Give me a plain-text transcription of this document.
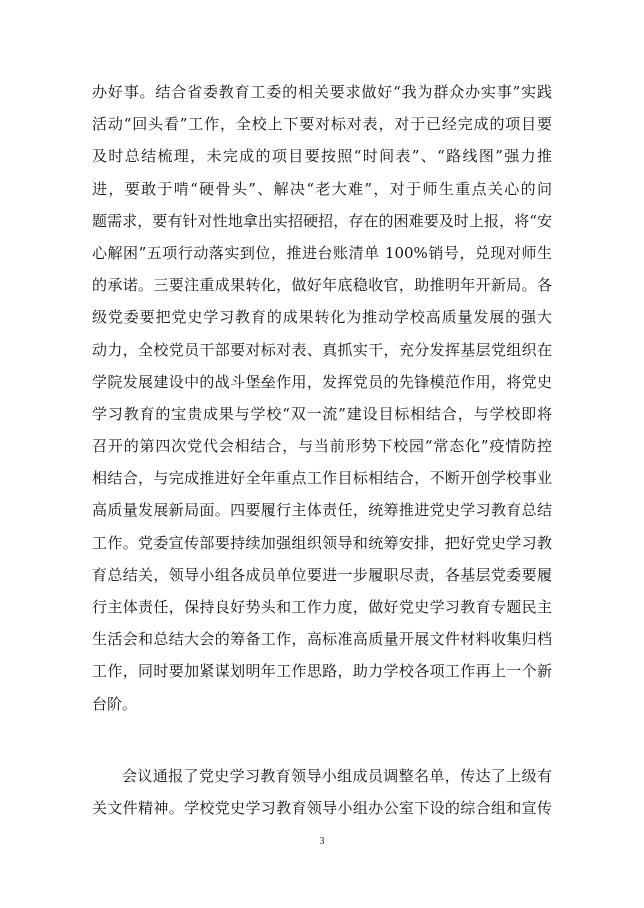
办好事。结合省委教育工委的相关要求做好“我为群众办实事”实践
活动“回头看”工作，全校上下要对标对表，对于已经完成的项目要
及时总结梳理，未完成的项目要按照“时间表”、“路线图”强力推
进，要敢于啃“硬骨头”、解决“老大难”，对于师生重点关心的问
题需求，要有针对性地拿出实招硬招，存在的困难要及时上报，将“安
心解困”五项行动落实到位，推进台账清单 100%销号，兑现对师生
的承诺。三要注重成果转化，做好年底稳收官，助推明年开新局。各
级党委要把党史学习教育的成果转化为推动学校高质量发展的强大
动力，全校党员干部要对标对表、真抓实干，充分发挥基层党组织在
学院发展建设中的战斗堡垒作用，发挥党员的先锋模范作用，将党史
学习教育的宝贵成果与学校“双一流”建设目标相结合，与学校即将
召开的第四次党代会相结合，与当前形势下校园“常态化”疫情防控
相结合，与完成推进好全年重点工作目标相结合，不断开创学校事业
高质量发展新局面。四要履行主体责任，统筹推进党史学习教育总结
工作。党委宣传部要持续加强组织领导和统筹安排，把好党史学习教
育总结关，领导小组各成员单位要进一步履职尽责，各基层党委要履
行主体责任，保持良好势头和工作力度，做好党史学习教育专题民主
生活会和总结大会的筹备工作，高标准高质量开展文件材料收集归档
工作，同时要加紧谋划明年工作思路，助力学校各项工作再上一个新
台阶。
会议通报了党史学习教育领导小组成员调整名单，传达了上级有
关文件精神。学校党史学习教育领导小组办公室下设的综合组和宣传
3
